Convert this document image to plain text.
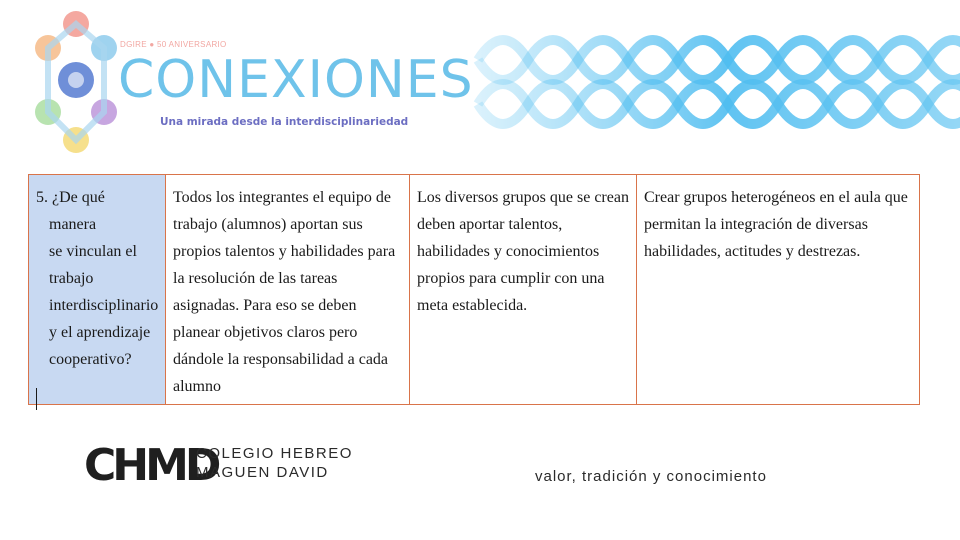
DGIRE ● 50 ANIVERSARIO
CONEXIONES
Una mirada desde la interdisciplinariedad
5. ¿De qué
manera
se vinculan el
trabajo
interdisciplinario
y el aprendizaje
cooperativo?
	Todos los integrantes el equipo de trabajo (alumnos) aportan sus propios talentos y habilidades para la resolución de las tareas asignadas. Para eso se deben planear objetivos claros pero dándole la responsabilidad a cada alumno	Los diversos grupos que se crean deben aportar talentos, habilidades y conocimientos propios para cumplir con una meta establecida.	Crear grupos heterogéneos en el aula que permitan la integración de diversas habilidades, actitudes y destrezas.
CHMD
COLEGIO HEBREO
MAGUEN DAVID	valor, tradición y conocimiento
